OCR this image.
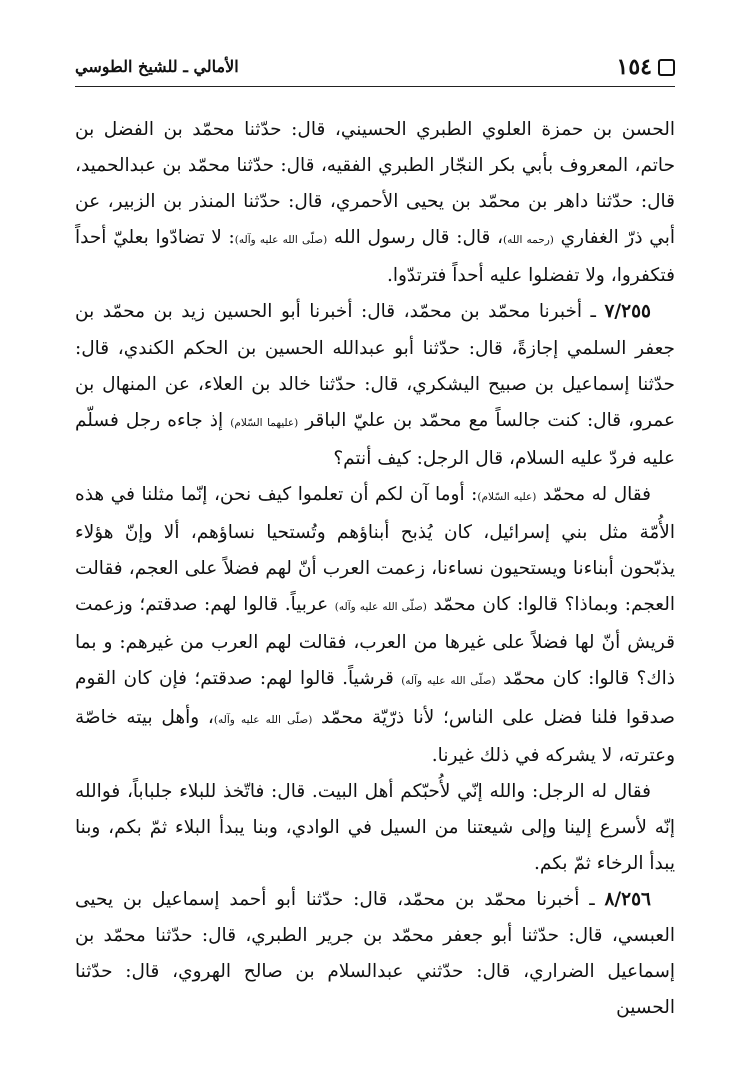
١٥٤
الأمالي ـ للشيخ الطوسي

الحسن بن حمزة العلوي الطبري الحسيني، قال: حدّثنا محمّد بن الفضل بن حاتم، المعروف بأبي بكر النجّار الطبري الفقيه، قال: حدّثنا محمّد بن عبدالحميد، قال: حدّثنا داهر بن محمّد بن يحيى الأحمري، قال: حدّثنا المنذر بن الزبير، عن أبي ذرّ الغفاري (رحمه الله)، قال: قال رسول الله (صلّى الله عليه وآله): لا تضادّوا بعليّ أحداً فتكفروا، ولا تفضلوا عليه أحداً فترتدّوا.

٧/٢٥٥ ـ أخبرنا محمّد بن محمّد، قال: أخبرنا أبو الحسين زيد بن محمّد بن جعفر السلمي إجازةً، قال: حدّثنا أبو عبدالله الحسين بن الحكم الكندي، قال: حدّثنا إسماعيل بن صبيح اليشكري، قال: حدّثنا خالد بن العلاء، عن المنهال بن عمرو، قال: كنت جالساً مع محمّد بن عليّ الباقر (عليهما السّلام) إذ جاءه رجل فسلّم عليه فردّ عليه السلام، قال الرجل: كيف أنتم؟

فقال له محمّد (عليه السّلام): أوما آن لكم أن تعلموا كيف نحن، إنّما مثلنا في هذه الأُمّة مثل بني إسرائيل، كان يُذبح أبناؤهم وتُستحيا نساؤهم، ألا وإنّ هؤلاء يذبّحون أبناءنا ويستحيون نساءنا، زعمت العرب أنّ لهم فضلاً على العجم، فقالت العجم: وبماذا؟ قالوا: كان محمّد (صلّى الله عليه وآله) عربياً. قالوا لهم: صدقتم؛ وزعمت قريش أنّ لها فضلاً على غيرها من العرب، فقالت لهم العرب من غيرهم: و بما ذاك؟ قالوا: كان محمّد (صلّى الله عليه وآله) قرشياً. قالوا لهم: صدقتم؛ فإن كان القوم صدقوا فلنا فضل على الناس؛ لأنا ذرّيّة محمّد (صلّى الله عليه وآله)، وأهل بيته خاصّة وعترته، لا يشركه في ذلك غيرنا.

فقال له الرجل: والله إنّي لأُحبّكم أهل البيت. قال: فاتّخذ للبلاء جلباباً، فوالله إنّه لأسرع إلينا وإلى شيعتنا من السيل في الوادي، وبنا يبدأ البلاء ثمّ بكم، وبنا يبدأ الرخاء ثمّ بكم.

٨/٢٥٦ ـ أخبرنا محمّد بن محمّد، قال: حدّثنا أبو أحمد إسماعيل بن يحيى العبسي، قال: حدّثنا أبو جعفر محمّد بن جرير الطبري، قال: حدّثنا محمّد بن إسماعيل الضراري، قال: حدّثني عبدالسلام بن صالح الهروي، قال: حدّثنا الحسين
